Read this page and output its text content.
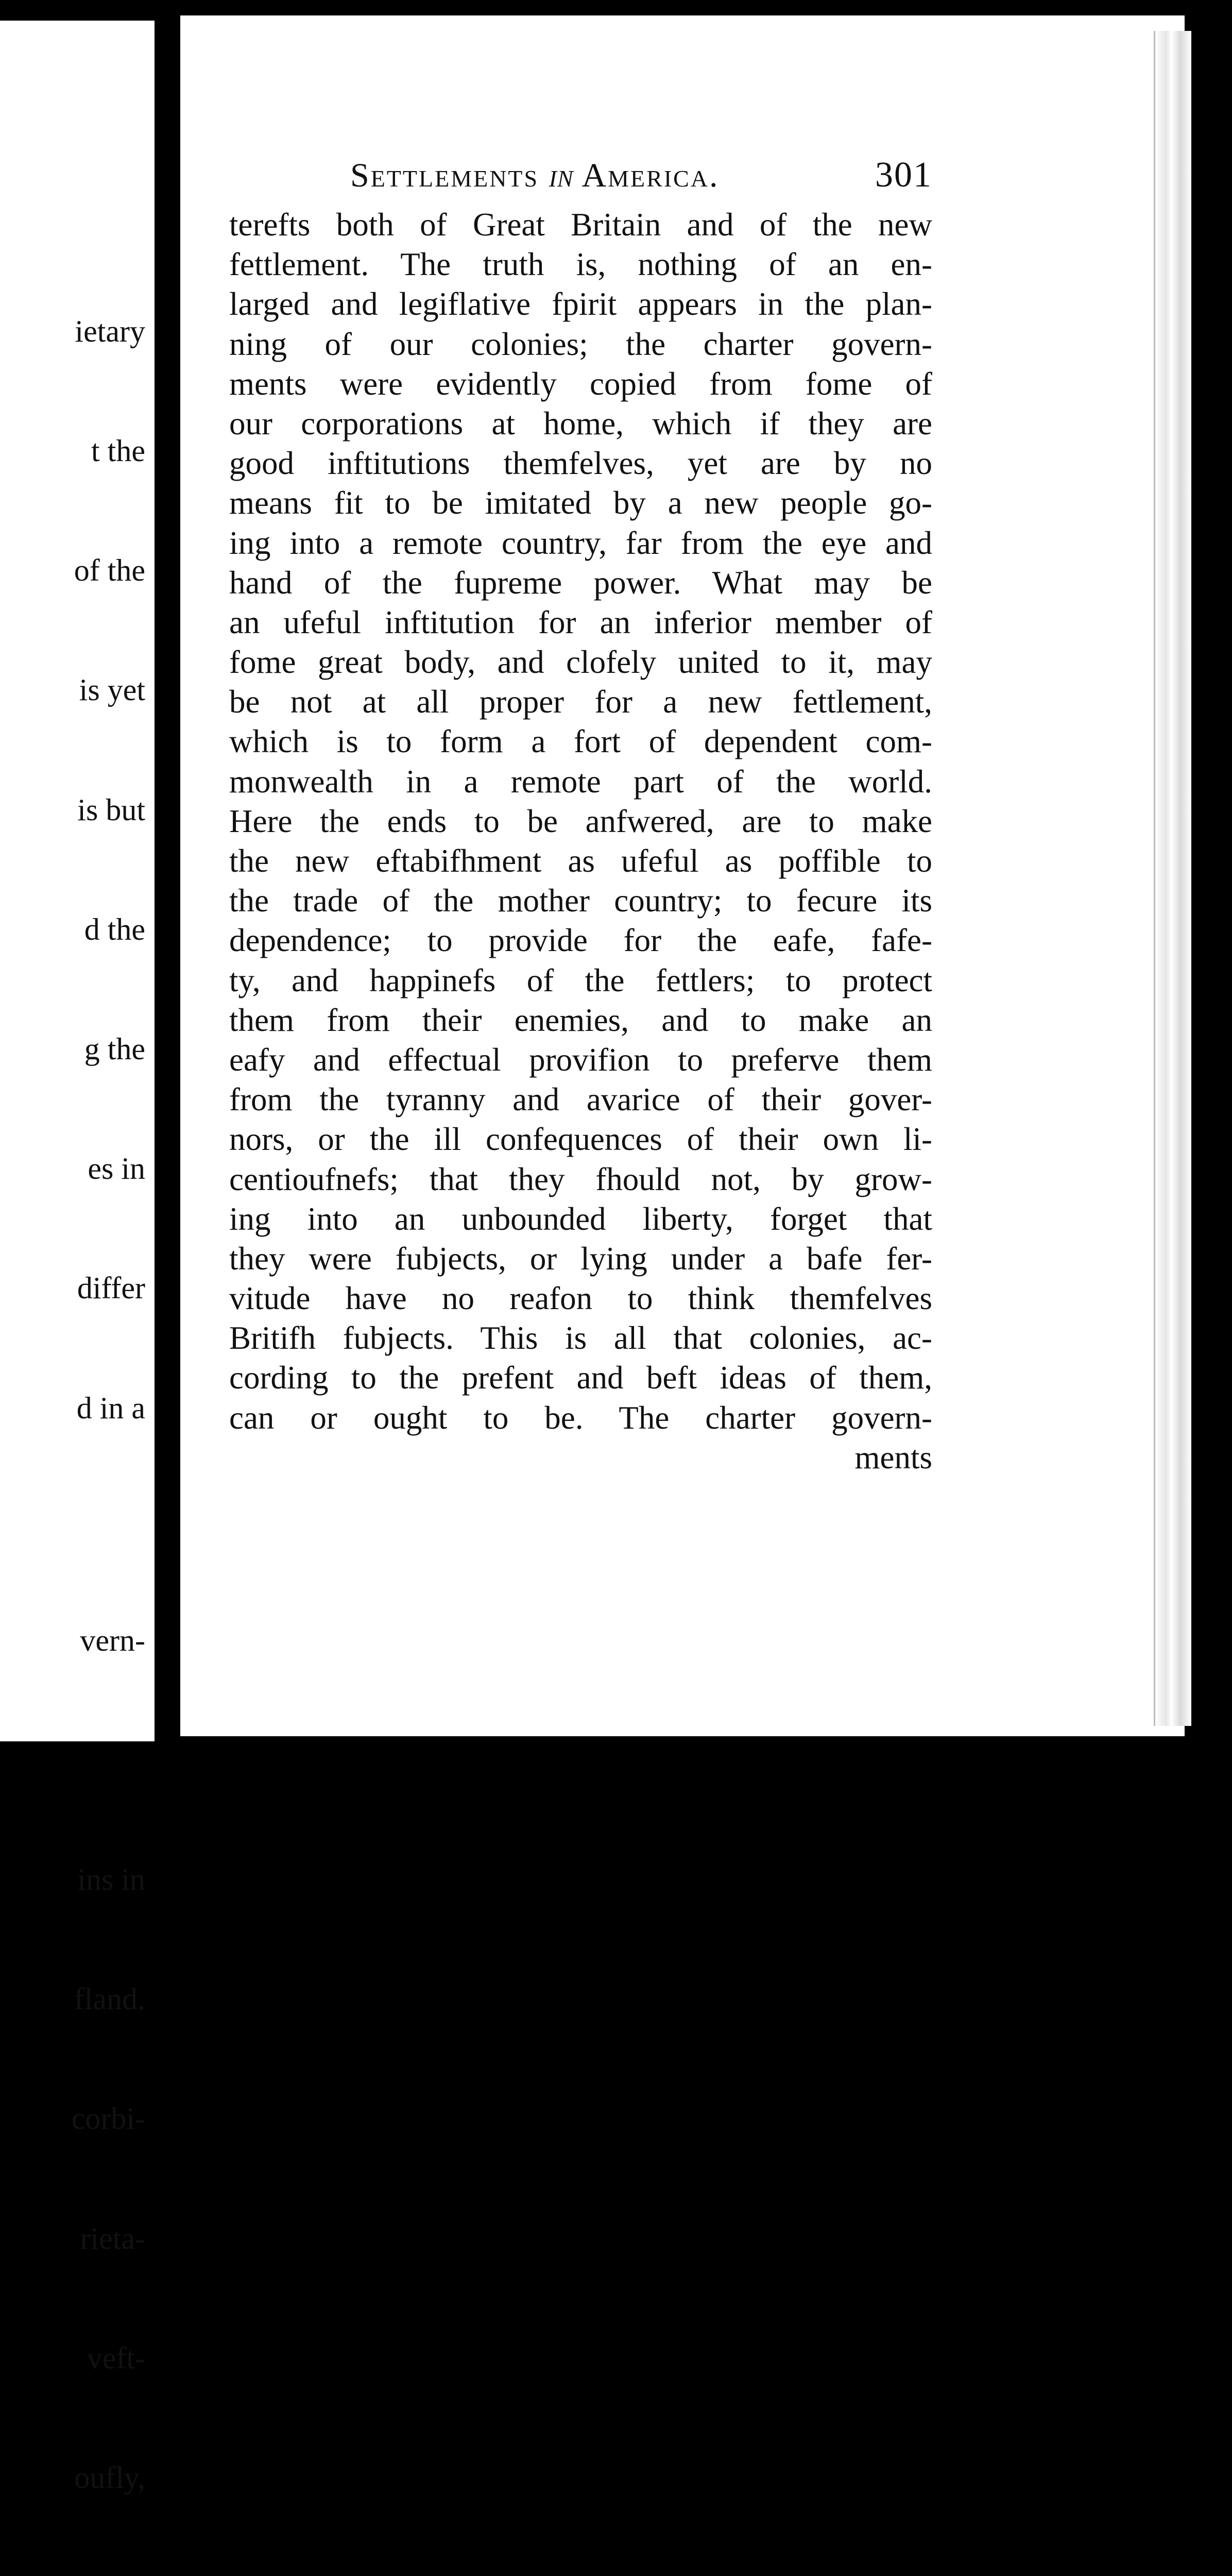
ietary

t the

of the

is yet

is but

d the

g the

es in

differ

d in a

vern-

ins in

fland.

corbi-

rieta-

veft-

oufly,

Settlements in America.	301
terefts both of Great Britain and of the new
fettlement. The truth is, nothing of an en-
larged and legiflative fpirit appears in the plan-
ning of our colonies; the charter govern-
ments were evidently copied from fome of
our corporations at home, which if they are
good inftitutions themfelves, yet are by no
means fit to be imitated by a new people go-
ing into a remote country, far from the eye and
hand of the fupreme power. What may be
an ufeful inftitution for an inferior member of
fome great body, and clofely united to it, may
be not at all proper for a new fettlement,
which is to form a fort of dependent com-
monwealth in a remote part of the world.
Here the ends to be anfwered, are to make
the new eftabifhment as ufeful as poffible to
the trade of the mother country; to fecure its
dependence; to provide for the eafe, fafe-
ty, and happinefs of the fettlers; to protect
them from their enemies, and to make an
eafy and effectual provifion to preferve them
from the tyranny and avarice of their gover-
nors, or the ill confequences of their own li-
centioufnefs; that they fhould not, by grow-
ing into an unbounded liberty, forget that
they were fubjects, or lying under a bafe fer-
vitude have no reafon to think themfelves
Britifh fubjects. This is all that colonies, ac-
cording to the prefent and beft ideas of them,
can or ought to be. The charter govern-
ments
